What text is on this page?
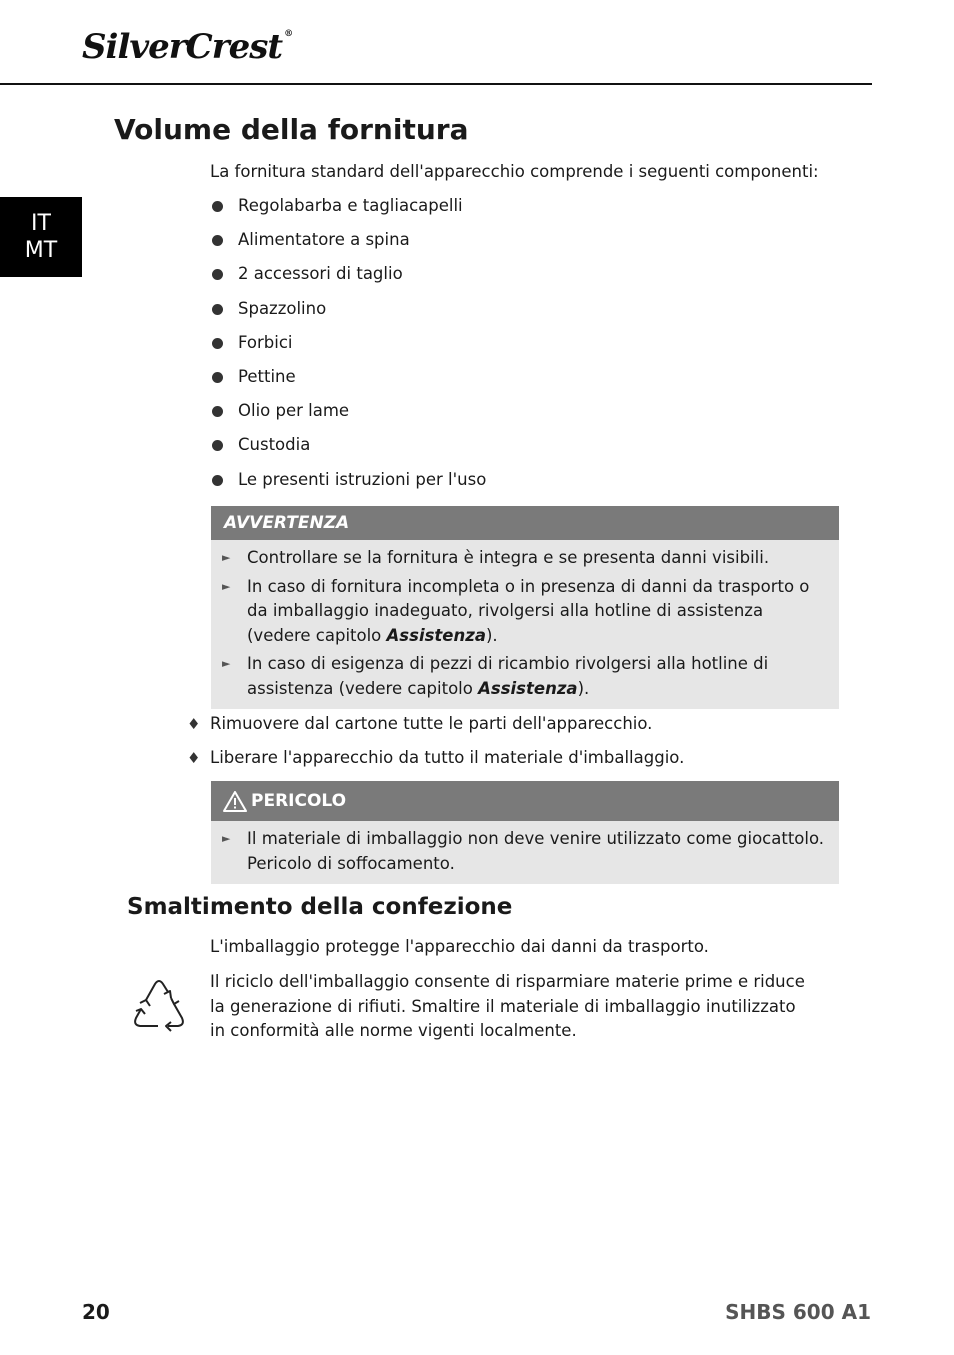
SilverCrest ®
IT
MT
Volume della fornitura

La fornitura standard dell'apparecchio comprende i seguenti componenti:

Regolabarba e tagliacapelli
Alimentatore a spina
2 accessori di taglio
Spazzolino
Forbici
Pettine
Olio per lame
Custodia
Le presenti istruzioni per l'uso
AVVERTENZA
►	Controllare se la fornitura è integra e se presenta danni visibili.
►	In caso di fornitura incompleta o in presenza di danni da trasporto o da imballaggio inadeguato, rivolgersi alla hotline di assistenza (vedere capitolo Assistenza).
►	In caso di esigenza di pezzi di ricambio rivolgersi alla hotline di assistenza (vedere capitolo Assistenza).
♦ Rimuovere dal cartone tutte le parti dell'apparecchio.
♦ Liberare l'apparecchio da tutto il materiale d'imballaggio.
PERICOLO
►	Il materiale di imballaggio non deve venire utilizzato come giocattolo. Pericolo di soffocamento.
Smaltimento della confezione

L'imballaggio protegge l'apparecchio dai danni da trasporto.

Il riciclo dell'imballaggio consente di risparmiare materie prime e riduce la generazione di rifiuti. Smaltire il materiale di imballaggio inutilizzato in conformità alle norme vigenti localmente.

20	SHBS 600 A1
